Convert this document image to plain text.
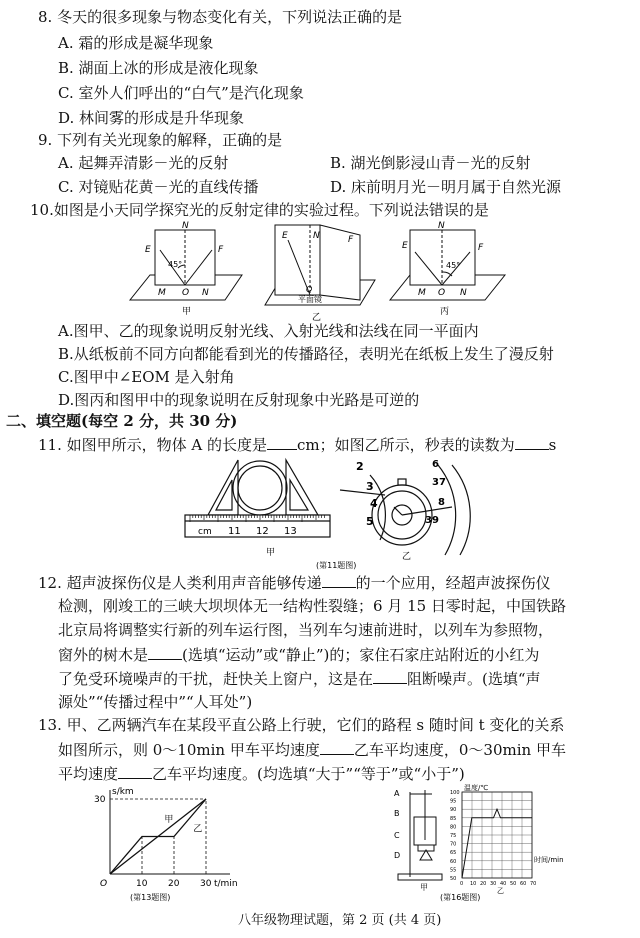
8. 冬天的很多现象与物态变化有关，下列说法正确的是
A. 霜的形成是凝华现象
B. 湖面上冰的形成是液化现象
C. 室外人们呼出的“白气”是汽化现象
D. 林间雾的形成是升华现象
9. 下列有关光现象的解释，正确的是
A. 起舞弄清影－光的反射	B. 湖光倒影浸山青－光的反射
C. 对镜贴花黄－光的直线传播	D. 床前明月光－明月属于自然光源
10.如图是小天同学探究光的反射定律的实验过程。下列说法错误的是
E
N
F
45°
M O N
甲
E	N	F
O
平面镜
乙
E
N
F
45°
M O N
丙
A.图甲、乙的现象说明反射光线、入射光线和法线在同一平面内
B.从纸板前不同方向都能看到光的传播路径，表明光在纸板上发生了漫反射
C.图甲中∠EOM 是入射角
D.图丙和图甲中的现象说明在反射现象中光路是可逆的
二、填空题(每空 2 分，共 30 分)
11. 如图甲所示，物体 A 的长度是 cm；如图乙所示，秒表的读数为 s
cm 11 12 13
甲
2
3
4
5
6
37
8
39
乙
(第11题图)
12. 超声波探伤仪是人类利用声音能够传递 的一个应用，经超声波探伤仪
检测，刚竣工的三峡大坝坝体无一结构性裂缝；6 月 15 日零时起，中国铁路
北京局将调整实行新的列车运行图，当列车匀速前进时，以列车为参照物，
窗外的树木是 (选填“运动”或“静止”)的；家住石家庄站附近的小红为
了免受环境噪声的干扰，赶快关上窗户，这是在 阻断噪声。(选填“声
源处”“传播过程中”“人耳处”)
13. 甲、乙两辆汽车在某段平直公路上行驶，它们的路程 s 随时间 t 变化的关系
如图所示，则 0～10min 甲车平均速度 乙车平均速度，0～30min 甲车
平均速度 乙车平均速度。(均选填“大于”“等于”或“小于”)
s/km
t/min
O	10 20 30
30
甲
乙
(第13题图)
A
B
C
D
甲
温度/℃
100
95
90
85
80
75
70
65
60
55
50
0 10 20 30 40 50 60 70
时间/min
乙
(第16题图)
八年级物理试题，第 2 页 (共 4 页)
